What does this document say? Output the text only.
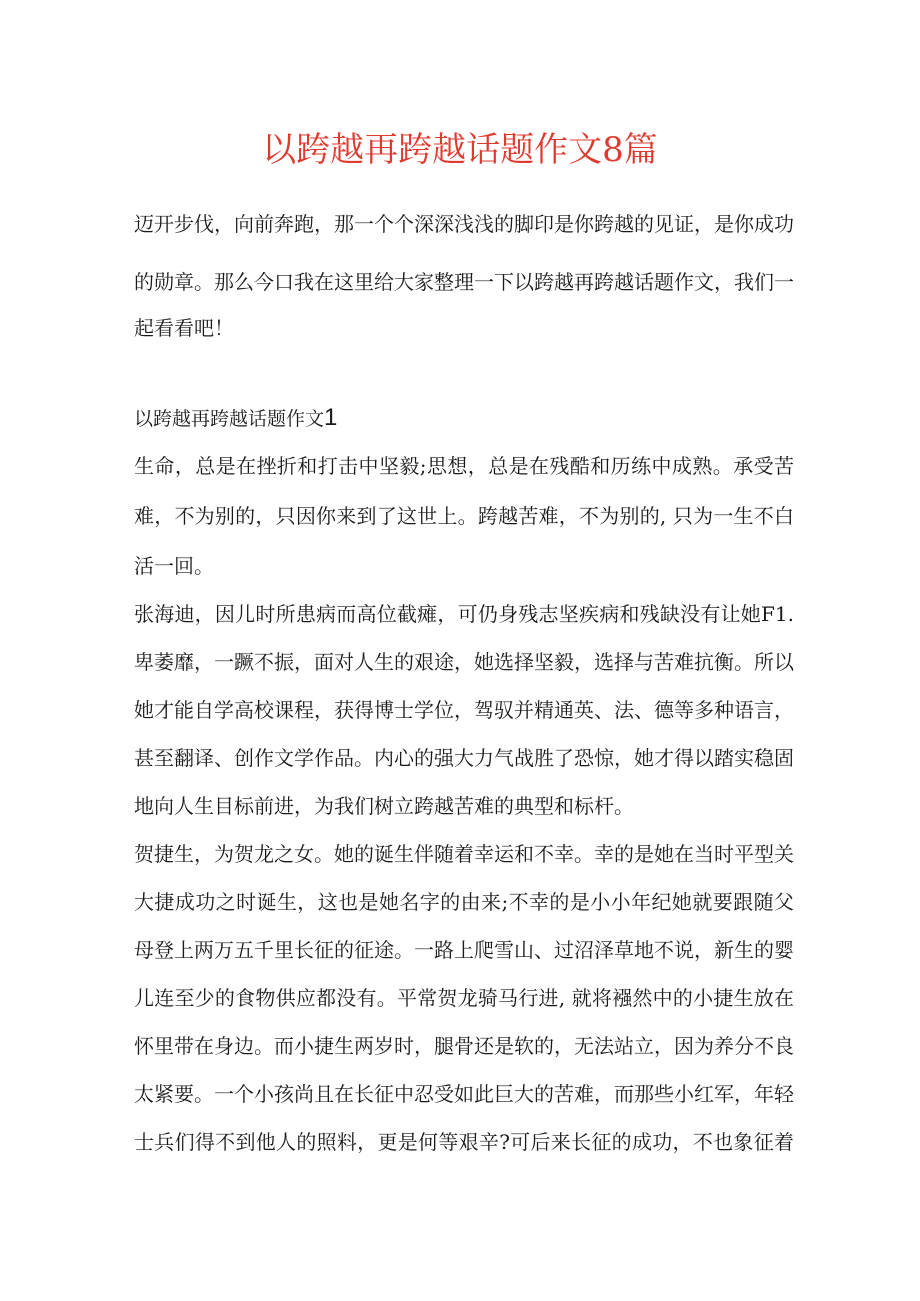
以跨越再跨越话题作文8篇

迈开步伐，向前奔跑，那一个个深深浅浅的脚印是你跨越的见证，是你成功

的勋章。那么今口我在这里给大家整理一下以跨越再跨越话题作文，我们一

起看看吧！

以跨越再跨越话题作文1

生命，总是在挫折和打击中坚毅;思想，总是在残酷和历练中成熟。承受苦

难，不为别的，只因你来到了这世上。跨越苦难，不为别的, 只为一生不白

活一回。

张海迪，因儿时所患病而高位截瘫，可仍身残志坚疾病和残缺没有让她F1.

卑萎靡，一蹶不振，面对人生的艰途，她选择坚毅，选择与苦难抗衡。所以

她才能自学高校课程，获得博士学位，驾驭并精通英、法、德等多种语言，

甚至翻译、创作文学作品。内心的强大力气战胜了恐惊，她才得以踏实稳固

地向人生目标前进，为我们树立跨越苦难的典型和标杆。

贺捷生，为贺龙之女。她的诞生伴随着幸运和不幸。幸的是她在当时平型关

大捷成功之时诞生，这也是她名字的由来;不幸的是小小年纪她就要跟随父

母登上两万五千里长征的征途。一路上爬雪山、过沼泽草地不说，新生的婴

儿连至少的食物供应都没有。平常贺龙骑马行进, 就将襁然中的小捷生放在

怀里带在身边。而小捷生两岁时，腿骨还是软的，无法站立，因为养分不良

太紧要。一个小孩尚且在长征中忍受如此巨大的苦难，而那些小红军，年轻

士兵们得不到他人的照料，更是何等艰辛?可后来长征的成功，不也象征着
